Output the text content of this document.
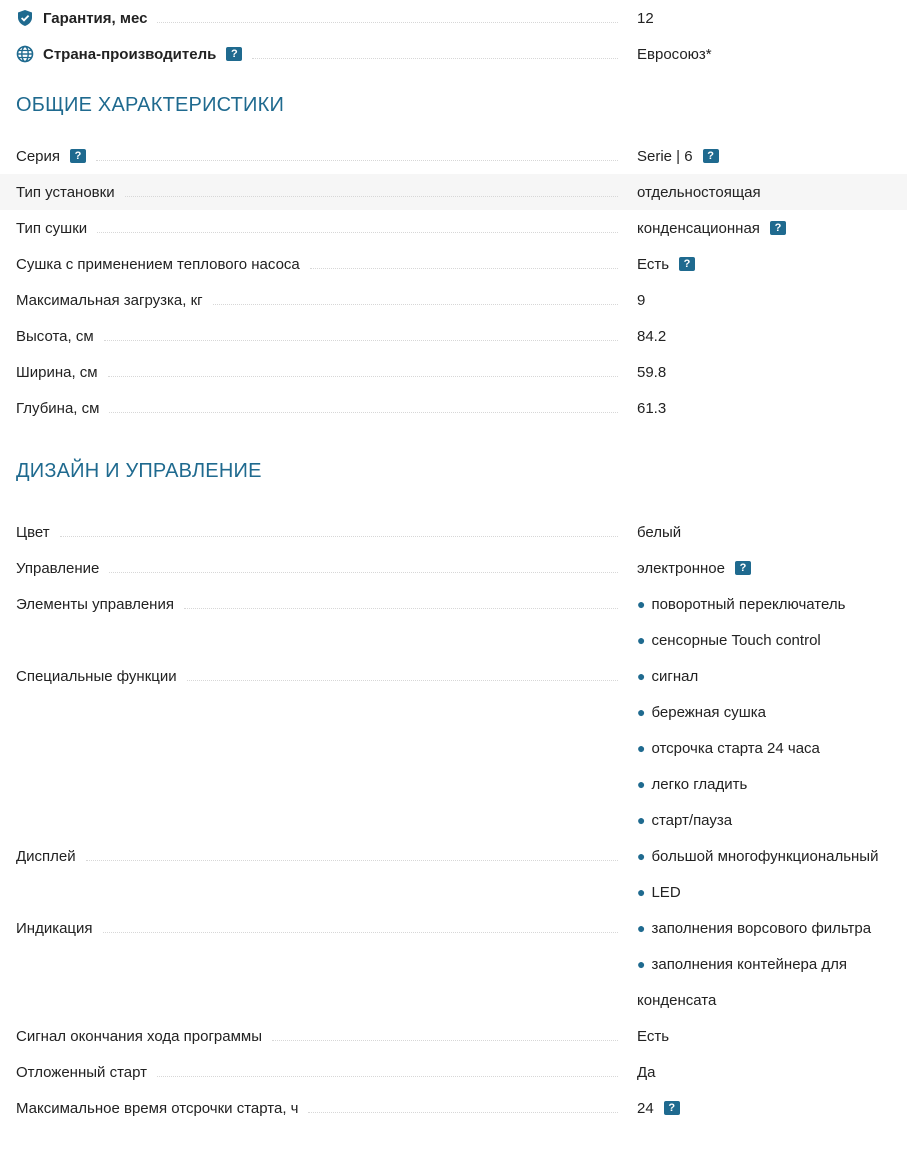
Гарантия, мес	12
Страна-производитель	?	Евросоюз*
ОБЩИЕ ХАРАКТЕРИСТИКИ
Серия	?	Serie | 6	?
Тип установки	отдельностоящая
Тип сушки	конденсационная	?
Сушка с применением теплового насоса	Есть	?
Максимальная загрузка, кг	9
Высота, см	84.2
Ширина, см	59.8
Глубина, см	61.3
ДИЗАЙН И УПРАВЛЕНИЕ
Цвет	белый
Управление	электронное	?
Элементы управления	● поворотный переключатель
● сенсорные Touch control
Специальные функции	● сигнал
● бережная сушка
● отсрочка старта 24 часа
● легко гладить
● старт/пауза
Дисплей	● большой многофункциональный
● LED
Индикация	● заполнения ворсового фильтра
● заполнения контейнера для
конденсата
Сигнал окончания хода программы	Есть
Отложенный старт	Да
Максимальное время отсрочки старта, ч	24	?
